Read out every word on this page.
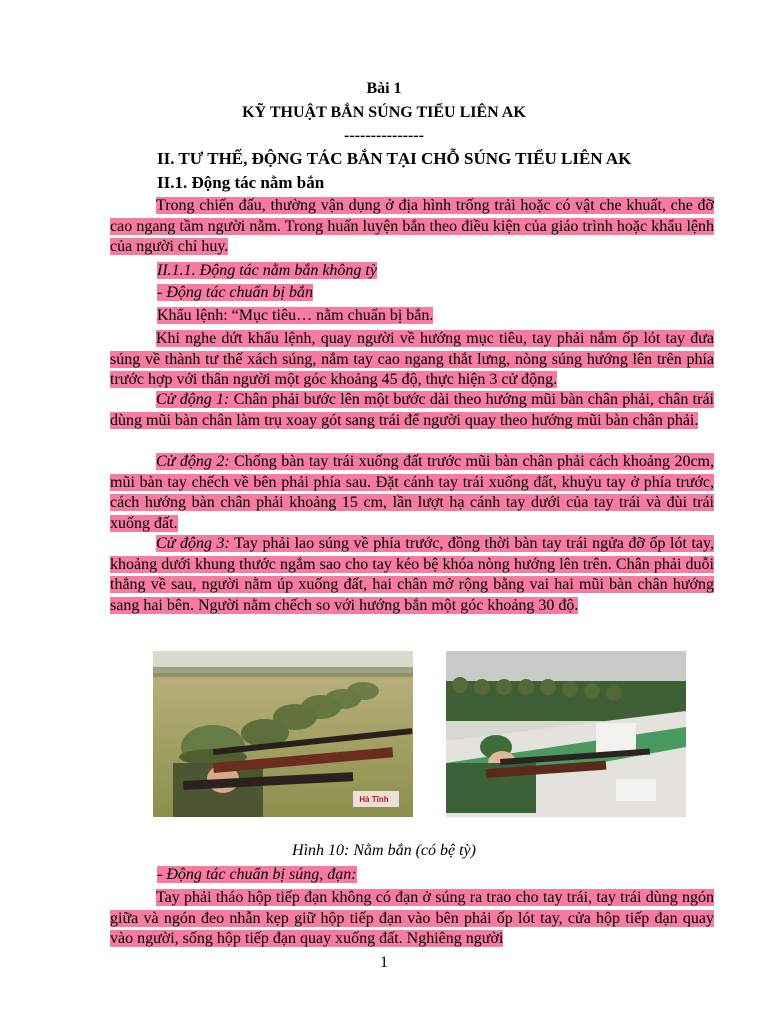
Bài 1
KỸ THUẬT BẮN SÚNG TIỂU LIÊN AK
---------------
II. TƯ THẾ, ĐỘNG TÁC BẮN TẠI CHỖ SÚNG TIỂU LIÊN AK
II.1. Động tác nằm bắn
Trong chiến đấu, thường vận dụng ở địa hình trống trải hoặc có vật che khuất, che đỡ cao ngang tầm người nằm. Trong huấn luyện bắn theo điều kiện của giáo trình hoặc khẩu lệnh của người chỉ huy.
II.1.1. Động tác nằm bắn không tỳ
- Động tác chuẩn bị bắn
Khẩu lệnh: “Mục tiêu… nằm chuẩn bị bắn.
Khi nghe dứt khẩu lệnh, quay người về hướng mục tiêu, tay phải nắm ốp lót tay đưa súng về thành tư thế xách súng, nắm tay cao ngang thắt lưng, nòng súng hướng lên trên phía trước hợp với thân người một góc khoảng 45 độ, thực hiện 3 cử động.
Cử động 1: Chân phải bước lên một bước dài theo hướng mũi bàn chân phải, chân trái dùng mũi bàn chân làm trụ xoay gót sang trái để người quay theo hướng mũi bàn chân phải.
Cử động 2: Chống bàn tay trái xuống đất trước mũi bàn chân phải cách khoảng 20cm, mũi bàn tay chếch về bên phải phía sau. Đặt cánh tay trái xuống đất, khuỷu tay ở phía trước, cách hướng bàn chân phải khoảng 15 cm, lần lượt hạ cánh tay dưới của tay trái và đùi trái xuống đất.
Cử động 3: Tay phải lao súng về phía trước, đồng thời bàn tay trái ngửa đỡ ốp lót tay, khoảng dưới khung thước ngắm sao cho tay kéo bệ khóa nòng hướng lên trên. Chân phải duỗi thẳng về sau, người nằm úp xuống đất, hai chân mở rộng bằng vai hai mũi bàn chân hướng sang hai bên. Người nằm chếch so với hướng bắn một góc khoảng 30 độ.
Hà Tĩnh
Hình 10: Nằm bắn (có bệ tỳ)
- Động tác chuẩn bị súng, đạn:
Tay phải tháo hộp tiếp đạn không có đạn ở súng ra trao cho tay trái, tay trái dùng ngón giữa và ngón đeo nhẫn kẹp giữ hộp tiếp đạn vào bên phải ốp lót tay, cửa hộp tiếp đạn quay vào người, sống hộp tiếp đạn quay xuống đất. Nghiêng người
1
